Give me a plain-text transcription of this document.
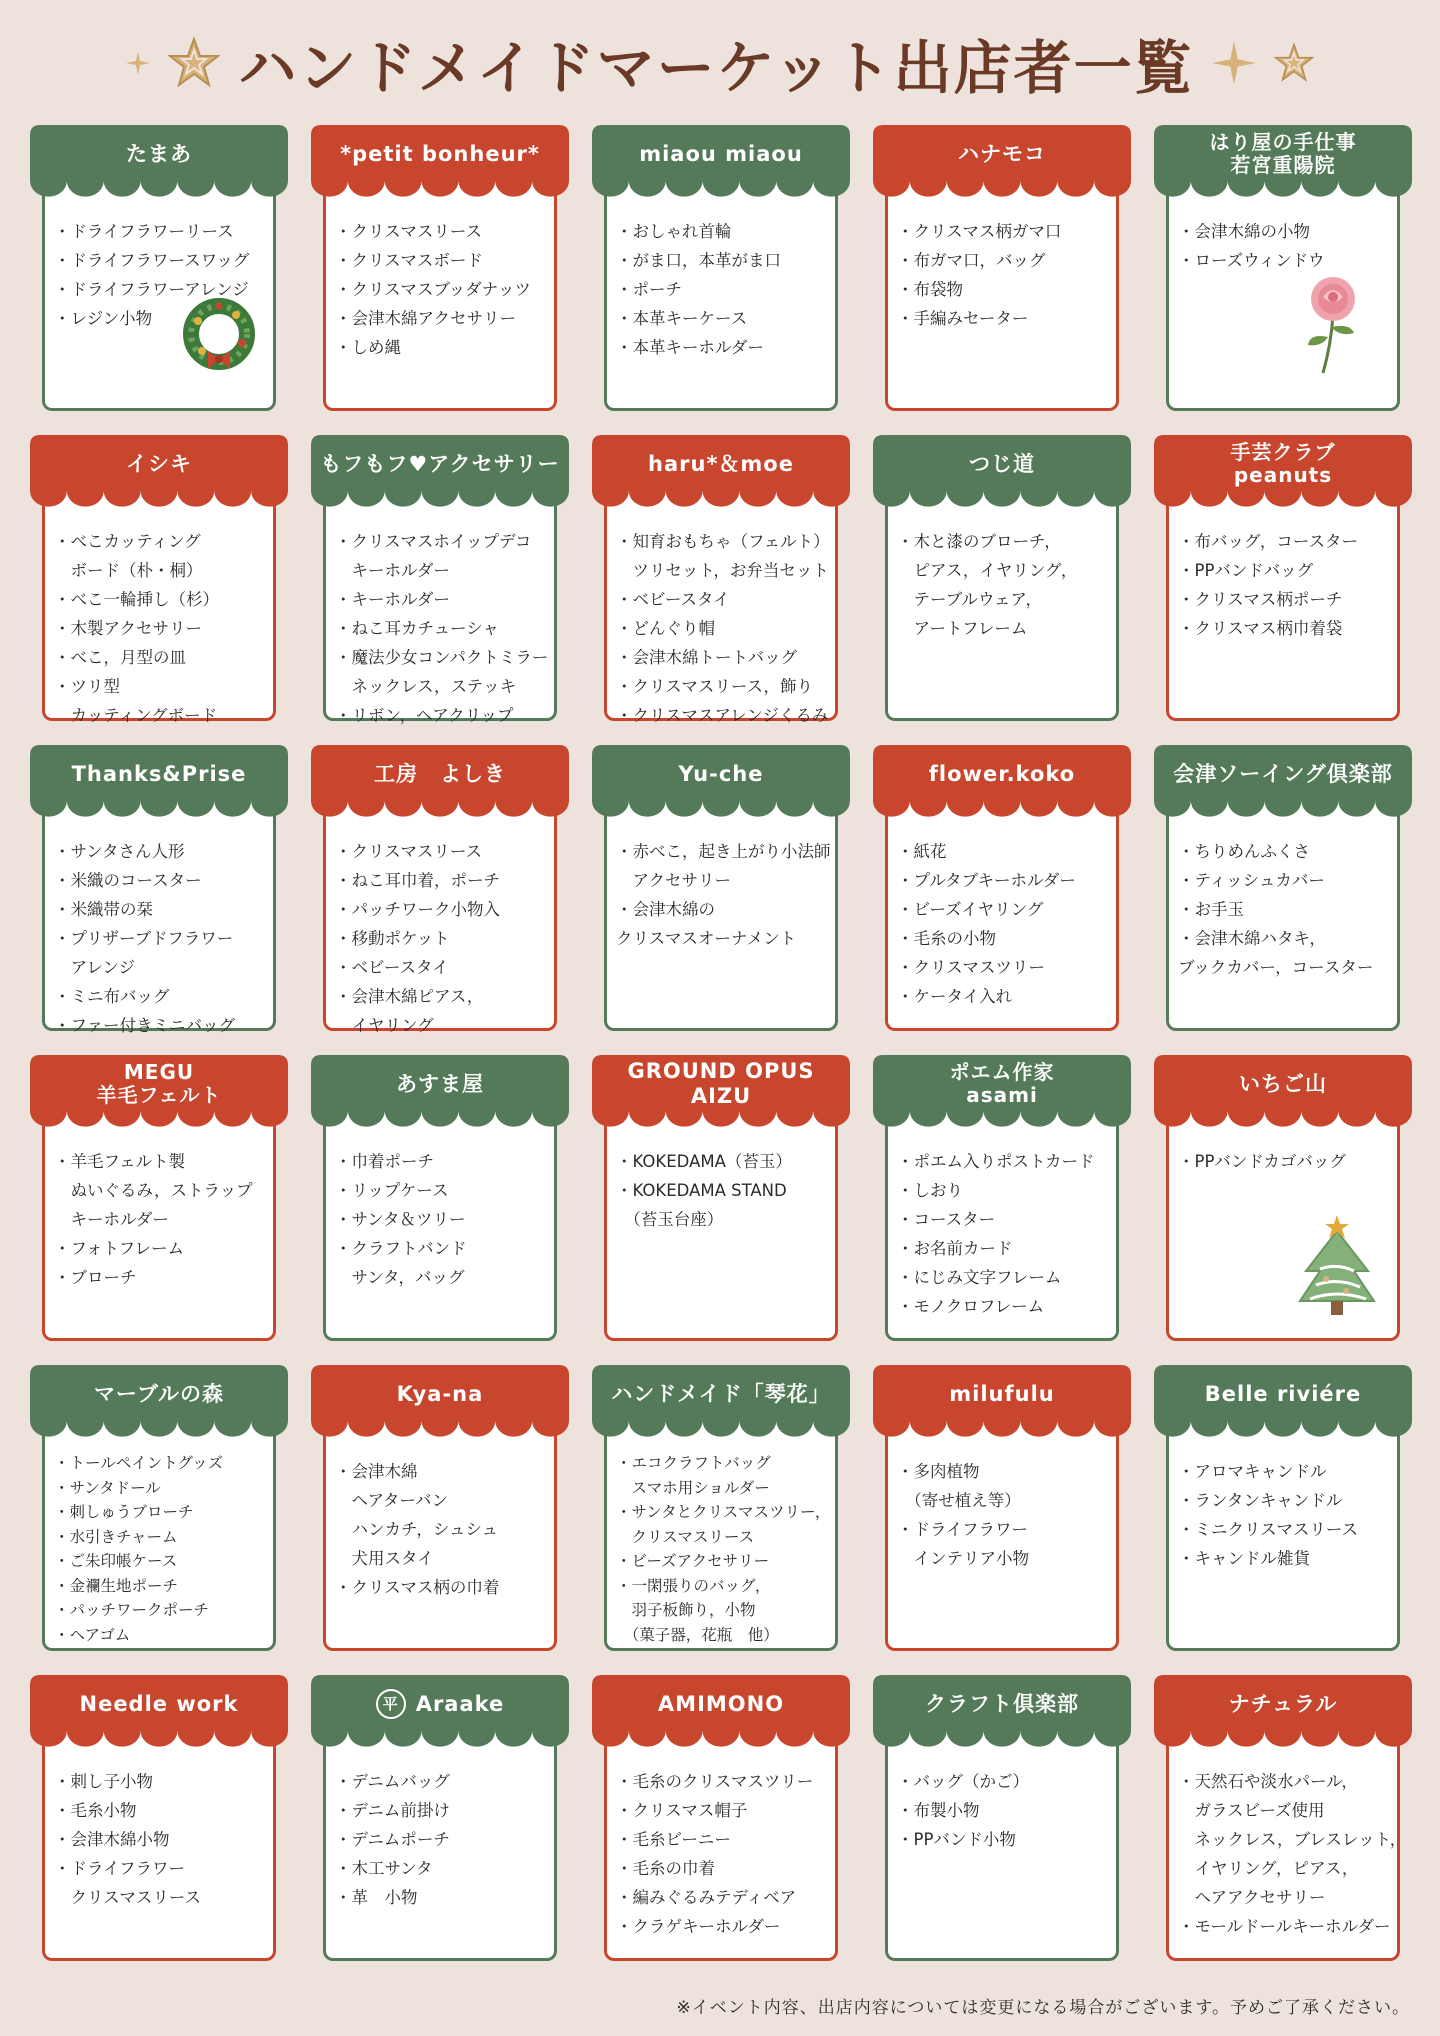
ハンドメイドマーケット出店者一覧
たまあ
・ドライフラワーリース
・ドライフラワースワッグ
・ドライフラワーアレンジ
・レジン小物
*petit bonheur*
・クリスマスリース
・クリスマスボード
・クリスマスブッダナッツ
・会津木綿アクセサリー
・しめ縄
miaou miaou
・おしゃれ首輪
・がま口，本革がま口
・ポーチ
・本革キーケース
・本革キーホルダー
ハナモコ
・クリスマス柄ガマ口
・布ガマ口，バッグ
・布袋物
・手編みセーター
はり屋の手仕事
若宮重陽院
・会津木綿の小物
・ローズウィンドウ
イシキ
・べこカッティング
　ボード（朴・桐）
・べこ一輪挿し（杉）
・木製アクセサリー
・べこ，月型の皿
・ツリ型
　カッティングボード
もフもフ♥アクセサリー
・クリスマスホイップデコ
　キーホルダー
・キーホルダー
・ねこ耳カチューシャ
・魔法少女コンパクトミラー
　ネックレス，ステッキ
・リボン，ヘアクリップ
haru*＆moe
・知育おもちゃ（フェルト）
　ツリセット，お弁当セット
・ベビースタイ
・どんぐり帽
・会津木綿トートバッグ
・クリスマスリース，飾り
・クリスマスアレンジくるみ
つじ道
・木と漆のブローチ，
　ピアス，イヤリング，
　テーブルウェア，
　アートフレーム
手芸クラブ
peanuts
・布バッグ，コースター
・PPバンドバッグ
・クリスマス柄ポーチ
・クリスマス柄巾着袋
Thanks&Prise
・サンタさん人形
・米織のコースター
・米織帯の栞
・プリザーブドフラワー
　アレンジ
・ミニ布バッグ
・ファー付きミニバッグ
工房　よしき
・クリスマスリース
・ねこ耳巾着，ポーチ
・パッチワーク小物入
・移動ポケット
・ベビースタイ
・会津木綿ピアス，
　イヤリング
Yu-che
・赤べこ，起き上がり小法師
　アクセサリー
・会津木綿の
クリスマスオーナメント
flower.koko
・紙花
・プルタブキーホルダー
・ビーズイヤリング
・毛糸の小物
・クリスマスツリー
・ケータイ入れ
会津ソーイング倶楽部
・ちりめんふくさ
・ティッシュカバー
・お手玉
・会津木綿ハタキ，
ブックカバー，コースター
MEGU
羊毛フェルト
・羊毛フェルト製
　ぬいぐるみ，ストラップ
　キーホルダー
・フォトフレーム
・ブローチ
あすま屋
・巾着ポーチ
・リップケース
・サンタ＆ツリー
・クラフトバンド
　サンタ，バッグ
GROUND OPUS AIZU
・KOKEDAMA（苔玉）
・KOKEDAMA STAND
　（苔玉台座）
ポエム作家
asami
・ポエム入りポストカード
・しおり
・コースター
・お名前カード
・にじみ文字フレーム
・モノクロフレーム
いちご山
・PPバンドカゴバッグ
マーブルの森
・トールペイントグッズ
・サンタドール
・刺しゅうブローチ
・水引きチャーム
・ご朱印帳ケース
・金襴生地ポーチ
・パッチワークポーチ
・ヘアゴム
Kya-na
・会津木綿
　ヘアターバン
　ハンカチ，シュシュ
　犬用スタイ
・クリスマス柄の巾着
ハンドメイド「琴花」
・エコクラフトバッグ
　スマホ用ショルダー
・サンタとクリスマスツリー，
　クリスマスリース
・ビーズアクセサリー
・一閑張りのバッグ，
　羽子板飾り，小物
　（菓子器，花瓶　他）
milufulu
・多肉植物
　（寄せ植え等）
・ドライフラワー
　インテリア小物
Belle riviére
・アロマキャンドル
・ランタンキャンドル
・ミニクリスマスリース
・キャンドル雑貨
Needle work
・刺し子小物
・毛糸小物
・会津木綿小物
・ドライフラワー
　クリスマスリース
平 Araake
・デニムバッグ
・デニム前掛け
・デニムポーチ
・木工サンタ
・革　小物
AMIMONO
・毛糸のクリスマスツリー
・クリスマス帽子
・毛糸ビーニー
・毛糸の巾着
・編みぐるみテディベア
・クラゲキーホルダー
クラフト倶楽部
・バッグ（かご）
・布製小物
・PPバンド小物
ナチュラル
・天然石や淡水パール，
　ガラスビーズ使用
　ネックレス，ブレスレット，
　イヤリング，ピアス，
　ヘアアクセサリー
・モールドールキーホルダー
※イベント内容、出店内容については変更になる場合がございます。予めご了承ください。
